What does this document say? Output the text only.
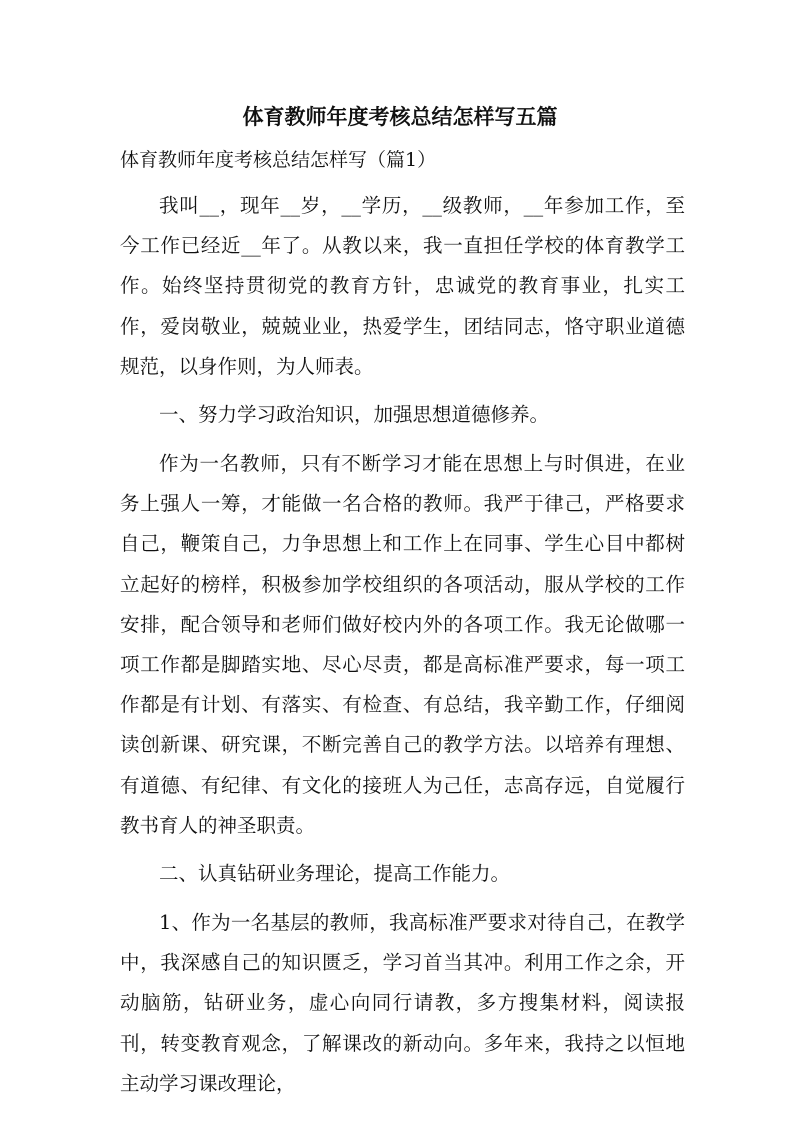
体育教师年度考核总结怎样写五篇
体育教师年度考核总结怎样写（篇1）

我叫__，现年__岁，__学历，__级教师，__年参加工作，至今工作已经近__年了。从教以来，我一直担任学校的体育教学工作。始终坚持贯彻党的教育方针，忠诚党的教育事业，扎实工作，爱岗敬业，兢兢业业，热爱学生，团结同志，恪守职业道德规范，以身作则，为人师表。

一、努力学习政治知识，加强思想道德修养。

作为一名教师，只有不断学习才能在思想上与时俱进，在业务上强人一筹，才能做一名合格的教师。我严于律己，严格要求自己，鞭策自己，力争思想上和工作上在同事、学生心目中都树立起好的榜样，积极参加学校组织的各项活动，服从学校的工作安排，配合领导和老师们做好校内外的各项工作。我无论做哪一项工作都是脚踏实地、尽心尽责，都是高标准严要求，每一项工作都是有计划、有落实、有检查、有总结，我辛勤工作，仔细阅读创新课、研究课，不断完善自己的教学方法。以培养有理想、有道德、有纪律、有文化的接班人为己任，志高存远，自觉履行教书育人的神圣职责。

二、认真钻研业务理论，提高工作能力。

1、作为一名基层的教师，我高标准严要求对待自己，在教学中，我深感自己的知识匮乏，学习首当其冲。利用工作之余，开动脑筋，钻研业务，虚心向同行请教，多方搜集材料，阅读报刊，转变教育观念，了解课改的新动向。多年来，我持之以恒地主动学习课改理论，
